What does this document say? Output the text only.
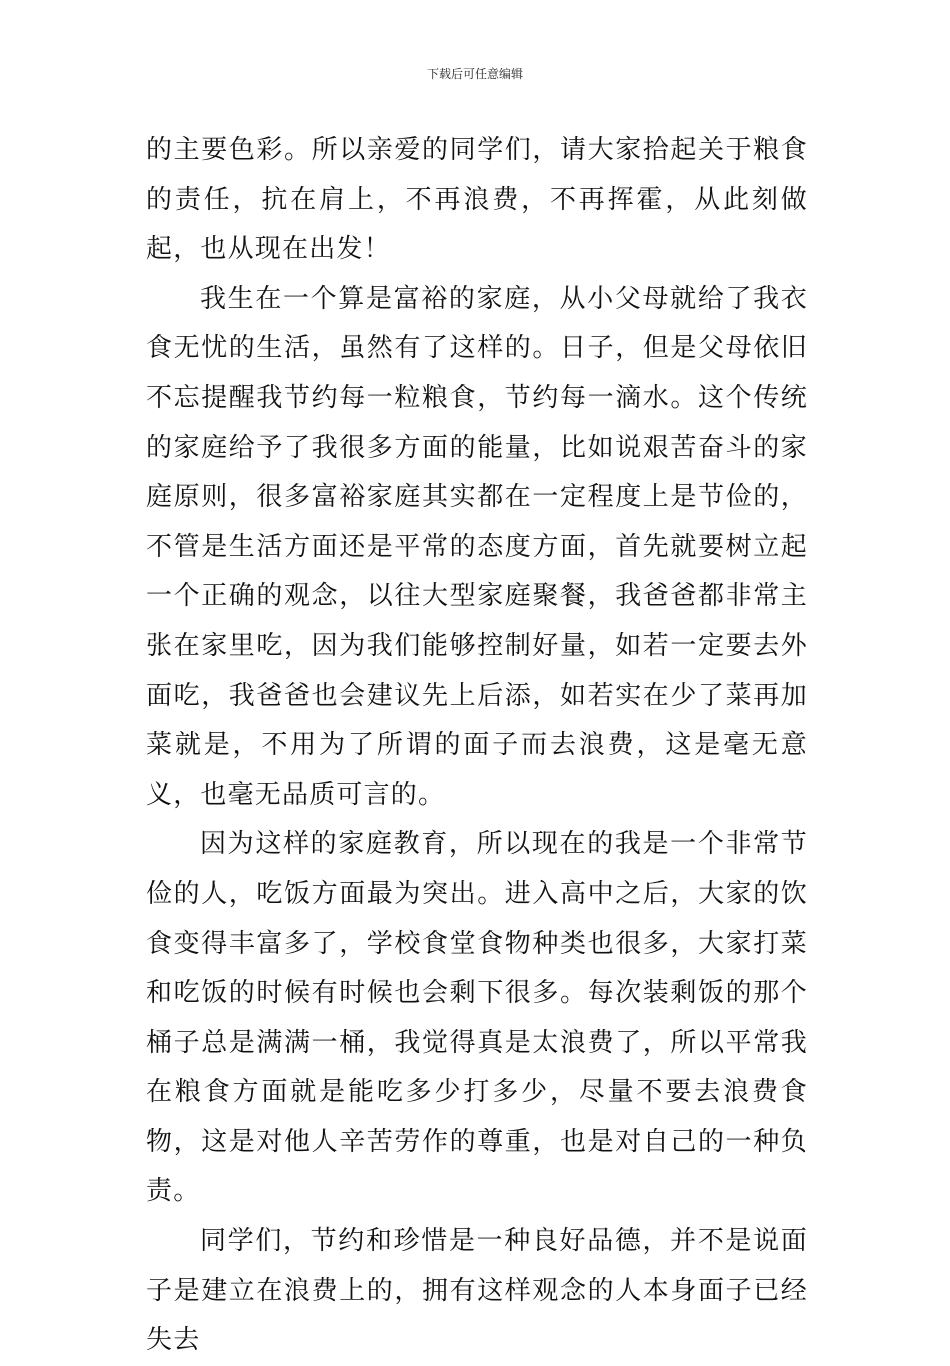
下载后可任意编辑

的主要色彩。所以亲爱的同学们，请大家拾起关于粮食的责任，抗在肩上，不再浪费，不再挥霍，从此刻做起，也从现在出发！

我生在一个算是富裕的家庭，从小父母就给了我衣食无忧的生活，虽然有了这样的。日子，但是父母依旧不忘提醒我节约每一粒粮食，节约每一滴水。这个传统的家庭给予了我很多方面的能量，比如说艰苦奋斗的家庭原则，很多富裕家庭其实都在一定程度上是节俭的，不管是生活方面还是平常的态度方面，首先就要树立起一个正确的观念，以往大型家庭聚餐，我爸爸都非常主张在家里吃，因为我们能够控制好量，如若一定要去外面吃，我爸爸也会建议先上后添，如若实在少了菜再加菜就是，不用为了所谓的面子而去浪费，这是毫无意义，也毫无品质可言的。

因为这样的家庭教育，所以现在的我是一个非常节俭的人，吃饭方面最为突出。进入高中之后，大家的饮食变得丰富多了，学校食堂食物种类也很多，大家打菜和吃饭的时候有时候也会剩下很多。每次装剩饭的那个桶子总是满满一桶，我觉得真是太浪费了，所以平常我在粮食方面就是能吃多少打多少，尽量不要去浪费食物，这是对他人辛苦劳作的尊重，也是对自己的一种负责。

同学们，节约和珍惜是一种良好品德，并不是说面子是建立在浪费上的，拥有这样观念的人本身面子已经失去
